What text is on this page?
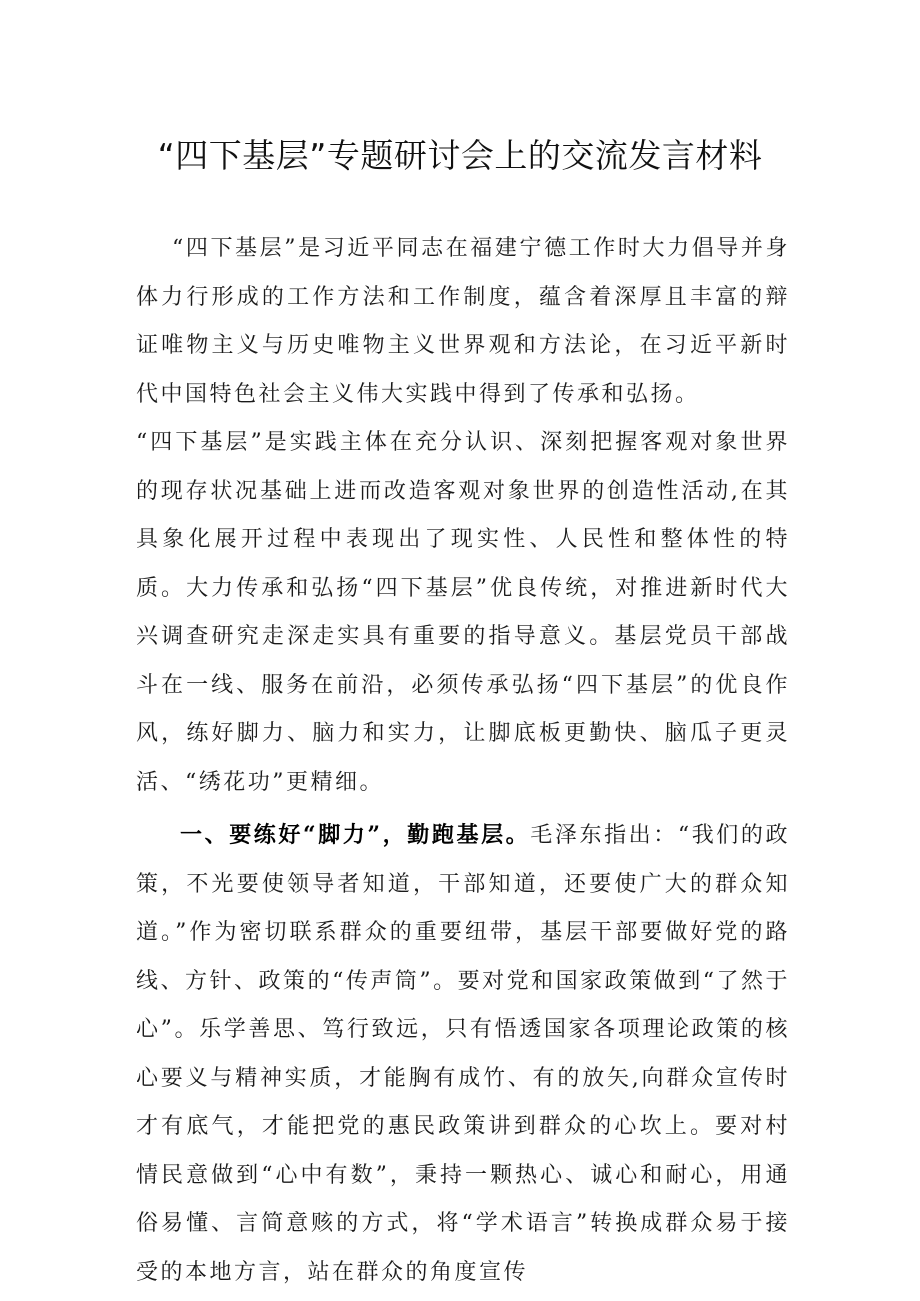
“四下基层”专题研讨会上的交流发言材料

“四下基层”是习近平同志在福建宁德工作时大力倡导并身体力行形成的工作方法和工作制度，蕴含着深厚且丰富的辩证唯物主义与历史唯物主义世界观和方法论，在习近平新时代中国特色社会主义伟大实践中得到了传承和弘扬。

“四下基层”是实践主体在充分认识、深刻把握客观对象世界的现存状况基础上进而改造客观对象世界的创造性活动,在其具象化展开过程中表现出了现实性、人民性和整体性的特质。大力传承和弘扬“四下基层”优良传统，对推进新时代大兴调查研究走深走实具有重要的指导意义。基层党员干部战斗在一线、服务在前沿，必须传承弘扬“四下基层”的优良作风，练好脚力、脑力和实力，让脚底板更勤快、脑瓜子更灵活、“绣花功”更精细。

一、要练好“脚力”，勤跑基层。毛泽东指出：“我们的政策，不光要使领导者知道，干部知道，还要使广大的群众知道。”作为密切联系群众的重要纽带，基层干部要做好党的路线、方针、政策的“传声筒”。要对党和国家政策做到“了然于心”。乐学善思、笃行致远，只有悟透国家各项理论政策的核心要义与精神实质，才能胸有成竹、有的放矢,向群众宣传时才有底气，才能把党的惠民政策讲到群众的心坎上。要对村情民意做到“心中有数”，秉持一颗热心、诚心和耐心，用通俗易懂、言简意赅的方式，将“学术语言”转换成群众易于接受的本地方言，站在群众的角度宣传
